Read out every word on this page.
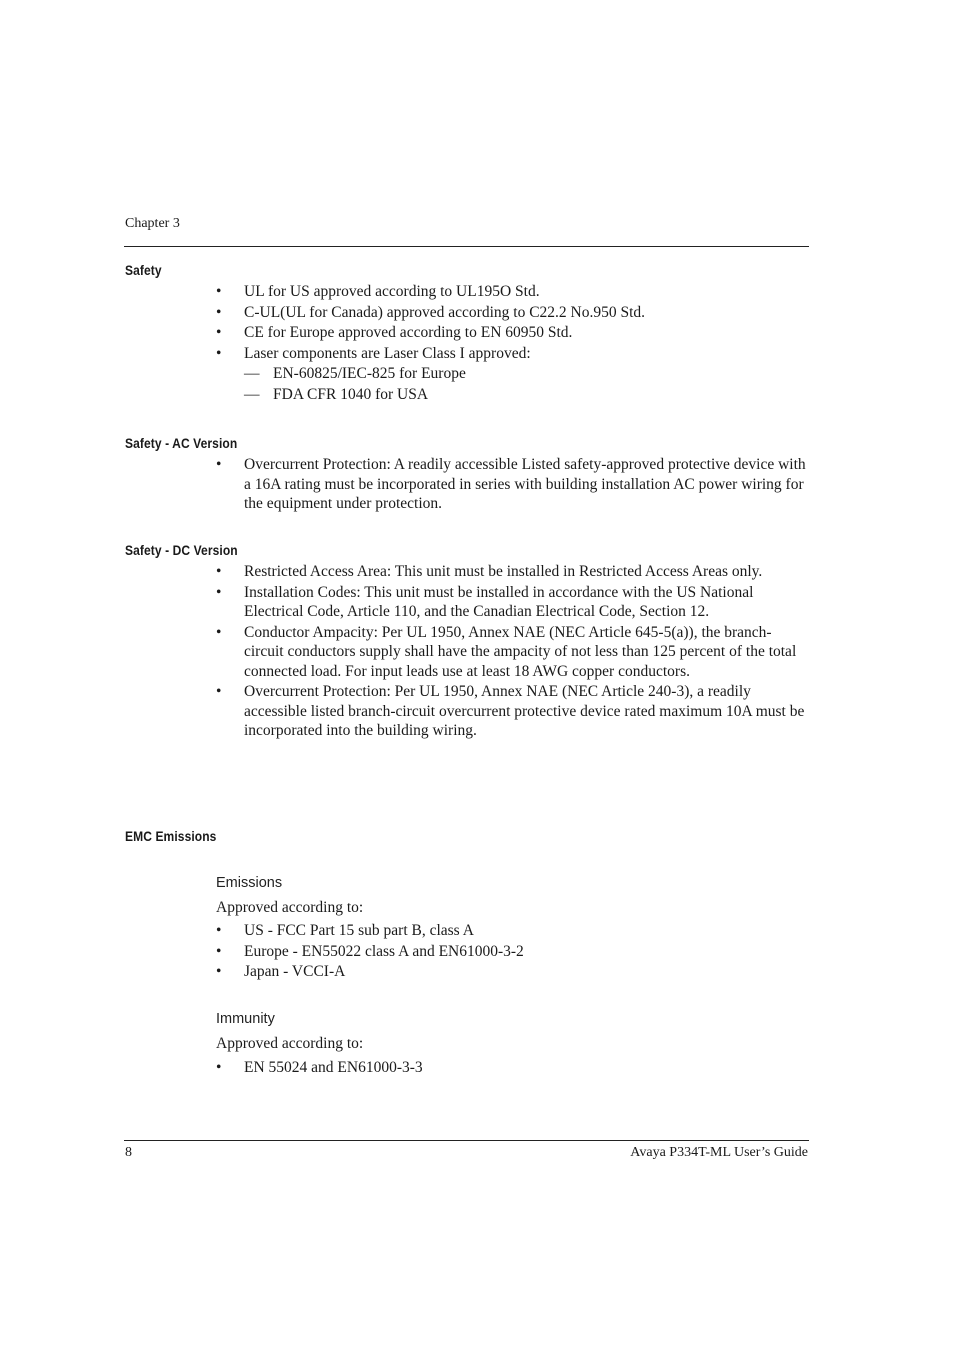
Chapter 3
Safety
• UL for US approved according to UL195O Std.
• C-UL(UL for Canada) approved according to C22.2 No.950 Std.
• CE for Europe approved according to EN 60950 Std.
• Laser components are Laser Class I approved:
— EN-60825/IEC-825 for Europe
— FDA CFR 1040 for USA
Safety - AC Version
• Overcurrent Protection: A readily accessible Listed safety-approved protective device with a 16A rating must be incorporated in series with building installation AC power wiring for the equipment under protection.
Safety - DC Version
• Restricted Access Area: This unit must be installed in Restricted Access Areas only.
• Installation Codes: This unit must be installed in accordance with the US National Electrical Code, Article 110, and the Canadian Electrical Code, Section 12.
• Conductor Ampacity: Per UL 1950, Annex NAE (NEC Article 645-5(a)), the branch-circuit conductors supply shall have the ampacity of not less than 125 percent of the total connected load. For input leads use at least 18 AWG copper conductors.
• Overcurrent Protection: Per UL 1950, Annex NAE (NEC Article 240-3), a readily accessible listed branch-circuit overcurrent protective device rated maximum 10A must be incorporated into the building wiring.
EMC Emissions
Emissions
Approved according to:
• US - FCC Part 15 sub part B, class A
• Europe - EN55022 class A and EN61000-3-2
• Japan - VCCI-A
Immunity
Approved according to:
• EN 55024 and EN61000-3-3
8	Avaya P334T-ML User’s Guide
